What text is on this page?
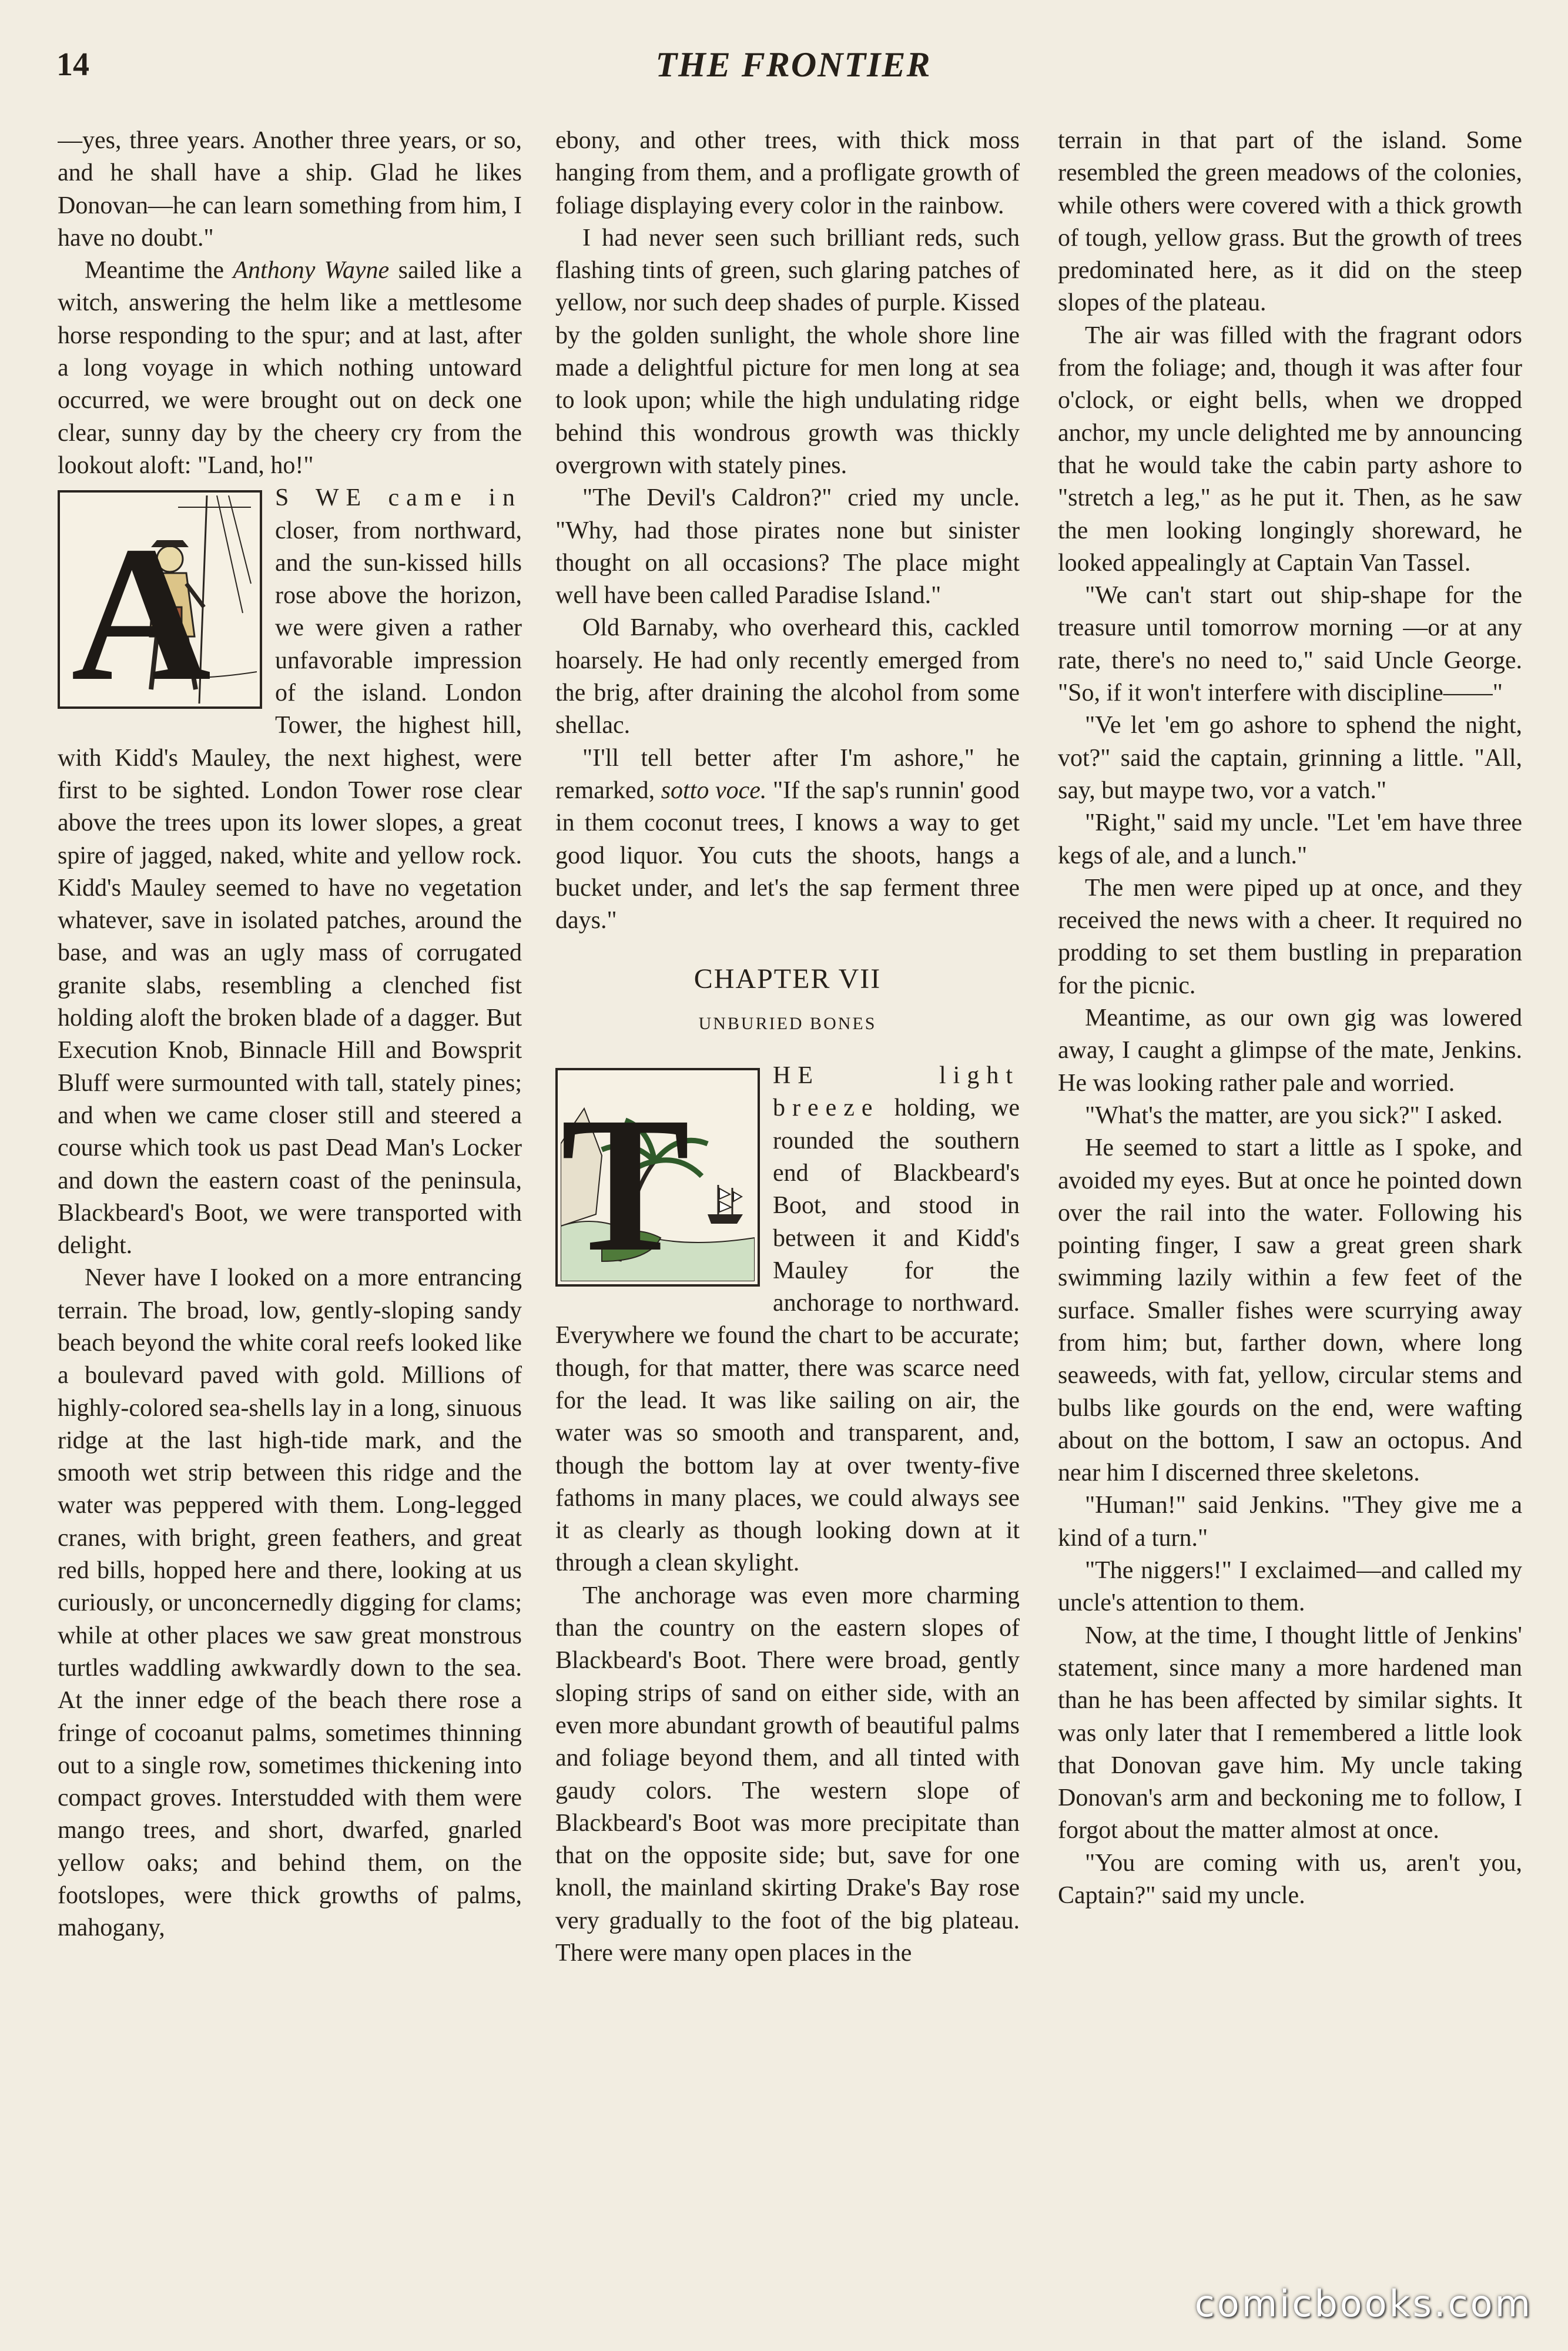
14	THE FRONTIER

—yes, three years. Another three years, or so, and he shall have a ship. Glad he likes Donovan—he can learn something from him, I have no doubt."

Meantime the Anthony Wayne sailed like a witch, answering the helm like a mettlesome horse responding to the spur; and at last, after a long voyage in which nothing untoward occurred, we were brought out on deck one clear, sunny day by the cheery cry from the lookout aloft: "Land, ho!"

A

S WE came in closer, from northward, and the sun-kissed hills rose above the horizon, we were given a rather unfavorable impression of the island. London Tower, the highest hill, with Kidd's Mauley, the next highest, were first to be sighted. London Tower rose clear above the trees upon its lower slopes, a great spire of jagged, naked, white and yellow rock. Kidd's Mauley seemed to have no vegetation whatever, save in isolated patches, around the base, and was an ugly mass of corrugated granite slabs, resembling a clenched fist holding aloft the broken blade of a dagger. But Execution Knob, Binnacle Hill and Bowsprit Bluff were surmounted with tall, stately pines; and when we came closer still and steered a course which took us past Dead Man's Locker and down the eastern coast of the peninsula, Blackbeard's Boot, we were transported with delight.

Never have I looked on a more entrancing terrain. The broad, low, gently-sloping sandy beach beyond the white coral reefs looked like a boulevard paved with gold. Millions of highly-colored sea-shells lay in a long, sinuous ridge at the last high-tide mark, and the smooth wet strip between this ridge and the water was peppered with them. Long-legged cranes, with bright, green feathers, and great red bills, hopped here and there, looking at us curiously, or unconcernedly digging for clams; while at other places we saw great monstrous turtles waddling awkwardly down to the sea. At the inner edge of the beach there rose a fringe of cocoanut palms, sometimes thinning out to a single row, sometimes thickening into compact groves. Interstudded with them were mango trees, and short, dwarfed, gnarled yellow oaks; and behind them, on the footslopes, were thick growths of palms, mahogany,

ebony, and other trees, with thick moss hanging from them, and a profligate growth of foliage displaying every color in the rainbow.

I had never seen such brilliant reds, such flashing tints of green, such glaring patches of yellow, nor such deep shades of purple. Kissed by the golden sunlight, the whole shore line made a delightful picture for men long at sea to look upon; while the high undulating ridge behind this wondrous growth was thickly overgrown with stately pines.

"The Devil's Caldron?" cried my uncle. "Why, had those pirates none but sinister thought on all occasions? The place might well have been called Paradise Island."

Old Barnaby, who overheard this, cackled hoarsely. He had only recently emerged from the brig, after draining the alcohol from some shellac.

"I'll tell better after I'm ashore," he remarked, sotto voce. "If the sap's runnin' good in them coconut trees, I knows a way to get good liquor. You cuts the shoots, hangs a bucket under, and let's the sap ferment three days."

CHAPTER VII
UNBURIED BONES
T

HE light breeze holding, we rounded the southern end of Blackbeard's Boot, and stood in between it and Kidd's Mauley for the anchorage to northward. Everywhere we found the chart to be accurate; though, for that matter, there was scarce need for the lead. It was like sailing on air, the water was so smooth and transparent, and, though the bottom lay at over twenty-five fathoms in many places, we could always see it as clearly as though looking down at it through a clean skylight.

The anchorage was even more charming than the country on the eastern slopes of Blackbeard's Boot. There were broad, gently sloping strips of sand on either side, with an even more abundant growth of beautiful palms and foliage beyond them, and all tinted with gaudy colors. The western slope of Blackbeard's Boot was more precipitate than that on the opposite side; but, save for one knoll, the mainland skirting Drake's Bay rose very gradually to the foot of the big plateau. There were many open places in the

terrain in that part of the island. Some resembled the green meadows of the colonies, while others were covered with a thick growth of tough, yellow grass. But the growth of trees predominated here, as it did on the steep slopes of the plateau.

The air was filled with the fragrant odors from the foliage; and, though it was after four o'clock, or eight bells, when we dropped anchor, my uncle delighted me by announcing that he would take the cabin party ashore to "stretch a leg," as he put it. Then, as he saw the men looking longingly shoreward, he looked appealingly at Captain Van Tassel.

"We can't start out ship-shape for the treasure until tomorrow morning —or at any rate, there's no need to," said Uncle George. "So, if it won't interfere with discipline——"

"Ve let 'em go ashore to sphend the night, vot?" said the captain, grinning a little. "All, say, but maype two, vor a vatch."

"Right," said my uncle. "Let 'em have three kegs of ale, and a lunch."

The men were piped up at once, and they received the news with a cheer. It required no prodding to set them bustling in preparation for the picnic.

Meantime, as our own gig was lowered away, I caught a glimpse of the mate, Jenkins. He was looking rather pale and worried.

"What's the matter, are you sick?" I asked.

He seemed to start a little as I spoke, and avoided my eyes. But at once he pointed down over the rail into the water. Following his pointing finger, I saw a great green shark swimming lazily within a few feet of the surface. Smaller fishes were scurrying away from him; but, farther down, where long seaweeds, with fat, yellow, circular stems and bulbs like gourds on the end, were wafting about on the bottom, I saw an octopus. And near him I discerned three skeletons.

"Human!" said Jenkins. "They give me a kind of a turn."

"The niggers!" I exclaimed—and called my uncle's attention to them.

Now, at the time, I thought little of Jenkins' statement, since many a more hardened man than he has been affected by similar sights. It was only later that I remembered a little look that Donovan gave him. My uncle taking Donovan's arm and beckoning me to follow, I forgot about the matter almost at once.

"You are coming with us, aren't you, Captain?" said my uncle.

comicbooks.com
